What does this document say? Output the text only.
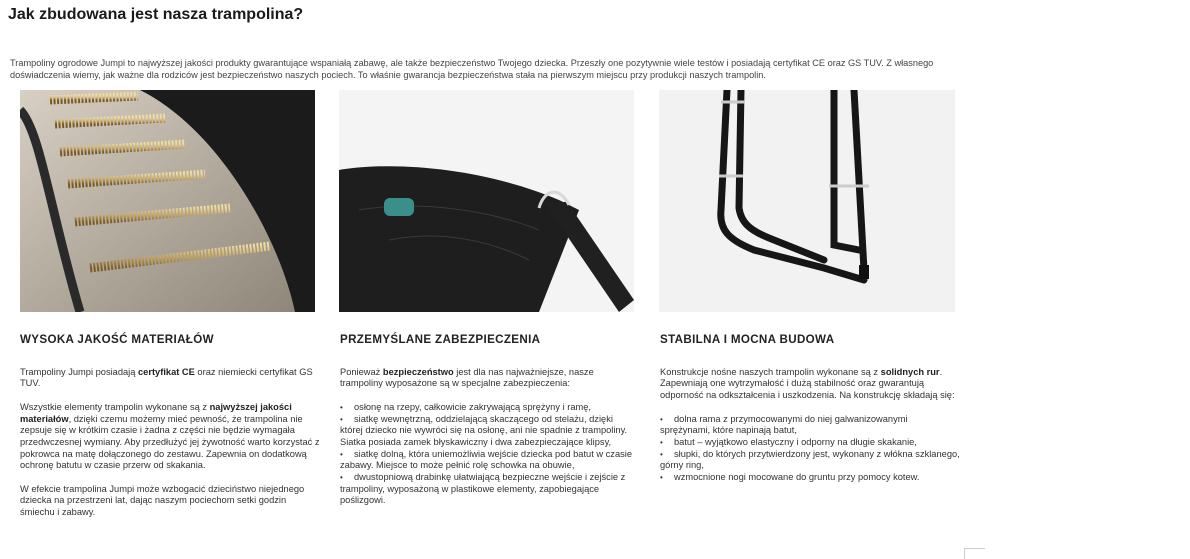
Jak zbudowana jest nasza trampolina?
Trampoliny ogrodowe Jumpi to najwyższej jakości produkty gwarantujące wspaniałą zabawę, ale także bezpieczeństwo Twojego dziecka. Przeszły one pozytywnie wiele testów i posiadają certyfikat CE oraz GS TUV. Z własnego doświadczenia wiemy, jak ważne dla rodziców jest bezpieczeństwo naszych pociech. To właśnie gwarancja bezpieczeństwa stała na pierwszym miejscu przy produkcji naszych trampolin.
WYSOKA JAKOŚĆ MATERIAŁÓW

Trampoliny Jumpi posiadają certyfikat CE oraz niemiecki certyfikat GS TUV.

Wszystkie elementy trampolin wykonane są z najwyższej jakości materiałów, dzięki czemu możemy mieć pewność, że trampolina nie zepsuje się w krótkim czasie i żadna z części nie będzie wymagała przedwczesnej wymiany. Aby przedłużyć jej żywotność warto korzystać z pokrowca na matę dołączonego do zestawu. Zapewnia on dodatkową ochronę batutu w czasie przerw od skakania.

W efekcie trampolina Jumpi może wzbogacić dzieciństwo niejednego dziecka na przestrzeni lat, dając naszym pociechom setki godzin śmiechu i zabawy.

PRZEMYŚLANE ZABEZPIECZENIA

Ponieważ bezpieczeństwo jest dla nas najważniejsze, nasze trampoliny wyposażone są w specjalne zabezpieczenia:

• osłonę na rzepy, całkowicie zakrywającą sprężyny i ramę,
• siatkę wewnętrzną, oddzielającą skaczącego od stelażu, dzięki której dziecko nie wywróci się na osłonę, ani nie spadnie z trampoliny. Siatka posiada zamek błyskawiczny i dwa zabezpieczające klipsy,
• siatkę dolną, która uniemożliwia wejście dziecka pod batut w czasie zabawy. Miejsce to może pełnić rolę schowka na obuwie,
• dwustopniową drabinkę ułatwiającą bezpieczne wejście i zejście z trampoliny, wyposażoną w plastikowe elementy, zapobiegające poślizgowi.
STABILNA I MOCNA BUDOWA

Konstrukcje nośne naszych trampolin wykonane są z solidnych rur. Zapewniają one wytrzymałość i dużą stabilność oraz gwarantują odporność na odkształcenia i uszkodzenia. Na konstrukcję składają się:

• dolna rama z przymocowanymi do niej galwanizowanymi sprężynami, które napinają batut,
• batut – wyjątkowo elastyczny i odporny na długie skakanie,
• słupki, do których przytwierdzony jest, wykonany z włókna szklanego, górny ring,
• wzmocnione nogi mocowane do gruntu przy pomocy kotew.
